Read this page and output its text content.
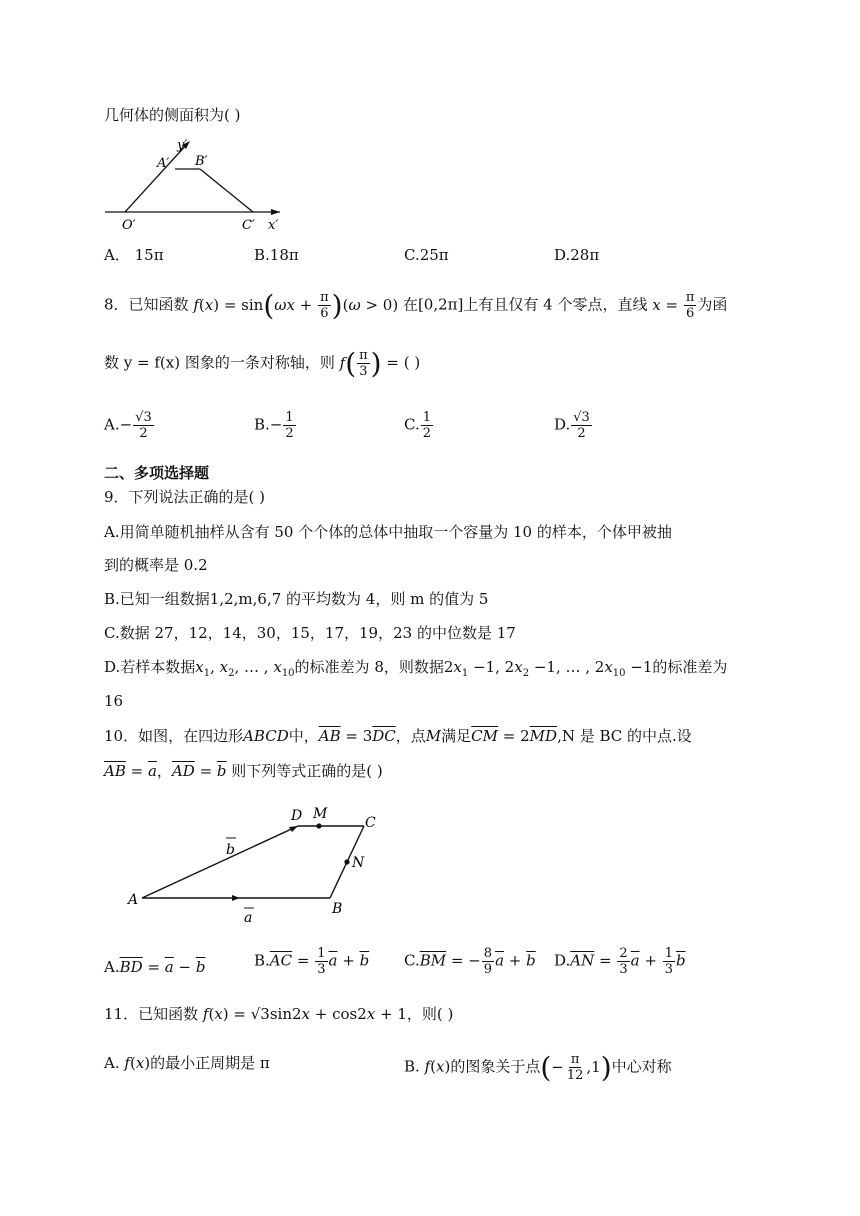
几何体的侧面积为( )
y′
A′ B′
O′	C′ x′
A． 15π	B.18π	C.25π	D.28π
8．已知函数 $f(x) = \sin(\omega x + \frac{\pi}{6} )(\omega > 0)$ 在[0,2π]上有且仅有 4 个零点，直线 $x = \frac{\pi}{6}$ 为函
数 y = f(x) 图象的一条对称轴，则 $f( \frac{\pi}{3}$ ) = ( )
$A.- \frac{√3}{2}$	$B.- \frac{1}{2}$	C. $\frac{1}{2}$	D. $\frac{√3}{2}$
二、多项选择题
9．下列说法正确的是( )
A.用简单随机抽样从含有 50 个个体的总体中抽取一个容量为 10 的样本，个体甲被抽
到的概率是 0.2
B.已知一组数据1,2,m,6,7 的平均数为 4，则 m 的值为 5
C.数据 27，12，14，30，15，17，19，23 的中位数是 17
D.若样本数据$x_1$, $x_2$, … , $x_{10}$的标准差为 8，则数据$2x_1 -1$, $2x_2 -1$, … , $2x_{10} -1$的标准差为
16
10．如图，在四边形ABCD中，$\overline{AB} = 3\overline{DC}$，点M满足$\overline{CM} = 2\overline{MD},N$ 是 BC 的中点.设
$\overline{AB} = \overline{a}$，$\overline{AD} = \overline{b}$ 则下列等式正确的是( )
A
B
C
D M
N
a
b
$A.\overline{BD} = \overline{a} - \overline{b}$	$B.\overline{AC} = \frac{1}{3} \overline{a} + \overline{b}$ $C.\overline{BM}$ = − $\frac{8}{9} \overline{a} + \overline{b}$ $D.\overline{AN} = \frac{2}{3} \overline{a} + \frac{1}{3} \overline{b}$
11．已知函数 f(x) = √3sin2x + cos2x + 1，则( )
A. f(x)的最小正周期是 π	B. f(x)的图象关于点(− $\frac{\pi}{12} ,1$)中心对称
